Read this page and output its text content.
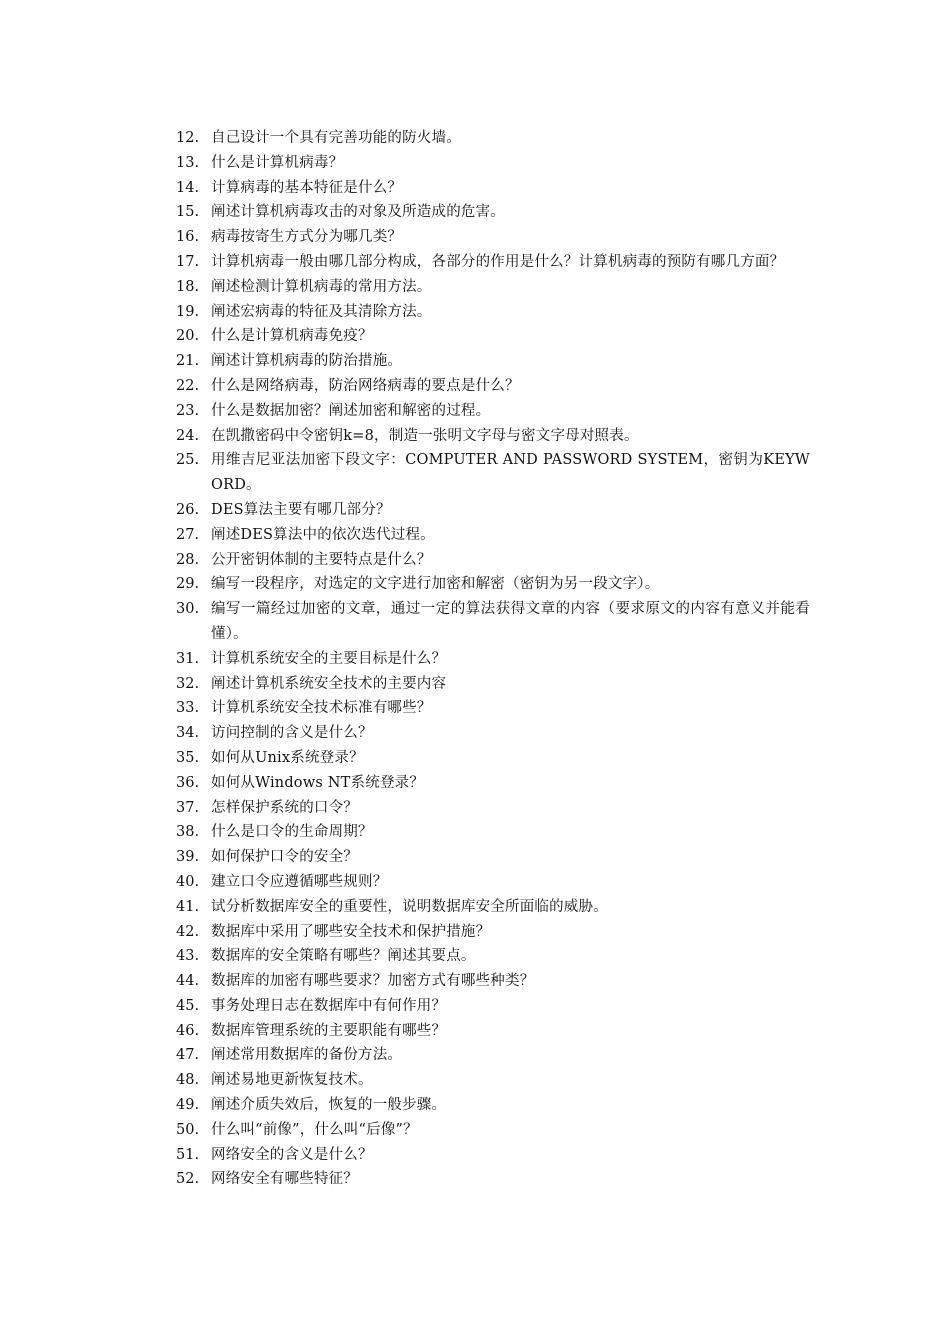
12. 自己设计一个具有完善功能的防火墙。
13. 什么是计算机病毒？
14. 计算病毒的基本特征是什么？
15. 阐述计算机病毒攻击的对象及所造成的危害。
16. 病毒按寄生方式分为哪几类？
17. 计算机病毒一般由哪几部分构成，各部分的作用是什么？计算机病毒的预防有哪几方面？
18. 阐述检测计算机病毒的常用方法。
19. 阐述宏病毒的特征及其清除方法。
20. 什么是计算机病毒免疫？
21. 阐述计算机病毒的防治措施。
22. 什么是网络病毒，防治网络病毒的要点是什么？
23. 什么是数据加密？阐述加密和解密的过程。
24. 在凯撒密码中令密钥k=8，制造一张明文字母与密文字母对照表。
25. 用维吉尼亚法加密下段文字：COMPUTER AND PASSWORD SYSTEM，密钥为KEYWORD。
26. DES算法主要有哪几部分？
27. 阐述DES算法中的依次迭代过程。
28. 公开密钥体制的主要特点是什么？
29. 编写一段程序，对选定的文字进行加密和解密（密钥为另一段文字）。
30. 编写一篇经过加密的文章，通过一定的算法获得文章的内容（要求原文的内容有意义并能看懂）。
31. 计算机系统安全的主要目标是什么？
32. 阐述计算机系统安全技术的主要内容
33. 计算机系统安全技术标准有哪些？
34. 访问控制的含义是什么？
35. 如何从Unix系统登录？
36. 如何从Windows NT系统登录？
37. 怎样保护系统的口令？
38. 什么是口令的生命周期？
39. 如何保护口令的安全？
40. 建立口令应遵循哪些规则？
41. 试分析数据库安全的重要性，说明数据库安全所面临的威胁。
42. 数据库中采用了哪些安全技术和保护措施？
43. 数据库的安全策略有哪些？阐述其要点。
44. 数据库的加密有哪些要求？加密方式有哪些种类？
45. 事务处理日志在数据库中有何作用？
46. 数据库管理系统的主要职能有哪些？
47. 阐述常用数据库的备份方法。
48. 阐述易地更新恢复技术。
49. 阐述介质失效后，恢复的一般步骤。
50. 什么叫“前像”，什么叫“后像”？
51. 网络安全的含义是什么？
52. 网络安全有哪些特征？
